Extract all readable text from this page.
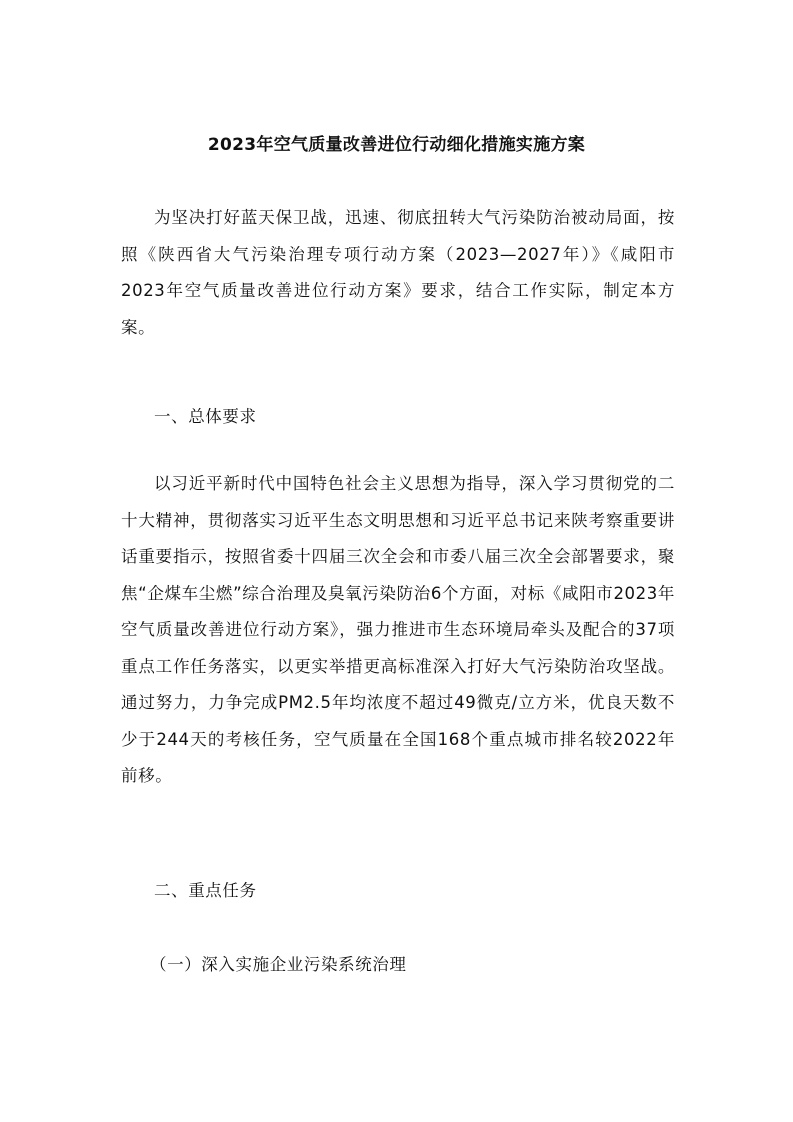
2023年空气质量改善进位行动细化措施实施方案

为坚决打好蓝天保卫战，迅速、彻底扭转大气污染防治被动局面，按照《陕西省大气污染治理专项行动方案（2023—2027年）》《咸阳市2023年空气质量改善进位行动方案》要求，结合工作实际，制定本方案。

一、总体要求

以习近平新时代中国特色社会主义思想为指导，深入学习贯彻党的二十大精神，贯彻落实习近平生态文明思想和习近平总书记来陕考察重要讲话重要指示，按照省委十四届三次全会和市委八届三次全会部署要求，聚焦“企煤车尘燃”综合治理及臭氧污染防治6个方面，对标《咸阳市2023年空气质量改善进位行动方案》，强力推进市生态环境局牵头及配合的37项重点工作任务落实，以更实举措更高标准深入打好大气污染防治攻坚战。通过努力，力争完成PM2.5年均浓度不超过49微克/立方米，优良天数不少于244天的考核任务，空气质量在全国168个重点城市排名较2022年前移。

二、重点任务

（一）深入实施企业污染系统治理
